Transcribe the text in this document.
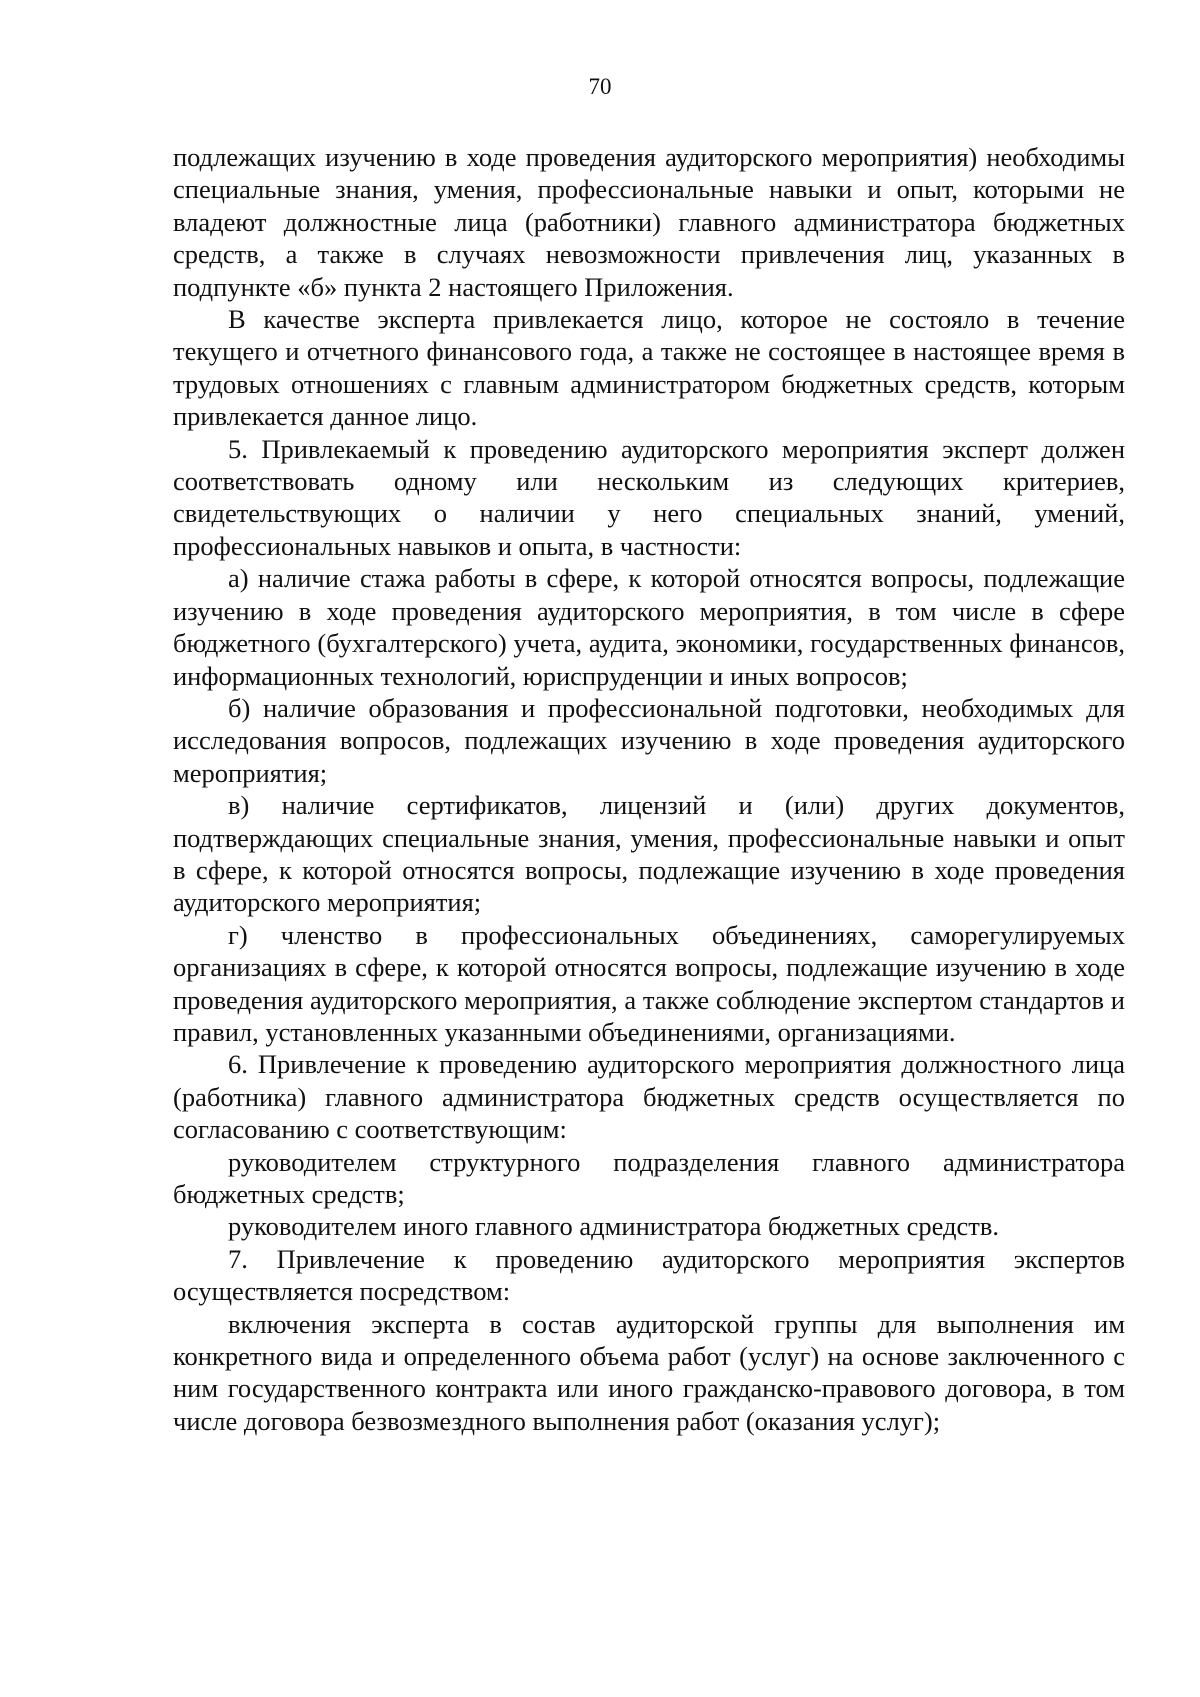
70

подлежащих изучению в ходе проведения аудиторского мероприятия) необходимы специальные знания, умения, профессиональные навыки и опыт, которыми не владеют должностные лица (работники) главного администратора бюджетных средств, а также в случаях невозможности привлечения лиц, указанных в подпункте «б» пункта 2 настоящего Приложения.

В качестве эксперта привлекается лицо, которое не состояло в течение текущего и отчетного финансового года, а также не состоящее в настоящее время в трудовых отношениях с главным администратором бюджетных средств, которым привлекается данное лицо.

5. Привлекаемый к проведению аудиторского мероприятия эксперт должен соответствовать одному или нескольким из следующих критериев, свидетельствующих о наличии у него специальных знаний, умений, профессиональных навыков и опыта, в частности:

а) наличие стажа работы в сфере, к которой относятся вопросы, подлежащие изучению в ходе проведения аудиторского мероприятия, в том числе в сфере бюджетного (бухгалтерского) учета, аудита, экономики, государственных финансов, информационных технологий, юриспруденции и иных вопросов;

б) наличие образования и профессиональной подготовки, необходимых для исследования вопросов, подлежащих изучению в ходе проведения аудиторского мероприятия;

в) наличие сертификатов, лицензий и (или) других документов, подтверждающих специальные знания, умения, профессиональные навыки и опыт в сфере, к которой относятся вопросы, подлежащие изучению в ходе проведения аудиторского мероприятия;

г) членство в профессиональных объединениях, саморегулируемых организациях в сфере, к которой относятся вопросы, подлежащие изучению в ходе проведения аудиторского мероприятия, а также соблюдение экспертом стандартов и правил, установленных указанными объединениями, организациями.

6. Привлечение к проведению аудиторского мероприятия должностного лица (работника) главного администратора бюджетных средств осуществляется по согласованию с соответствующим:

руководителем структурного подразделения главного администратора бюджетных средств;

руководителем иного главного администратора бюджетных средств.

7. Привлечение к проведению аудиторского мероприятия экспертов осуществляется посредством:

включения эксперта в состав аудиторской группы для выполнения им конкретного вида и определенного объема работ (услуг) на основе заключенного с ним государственного контракта или иного гражданско-правового договора, в том числе договора безвозмездного выполнения работ (оказания услуг);
